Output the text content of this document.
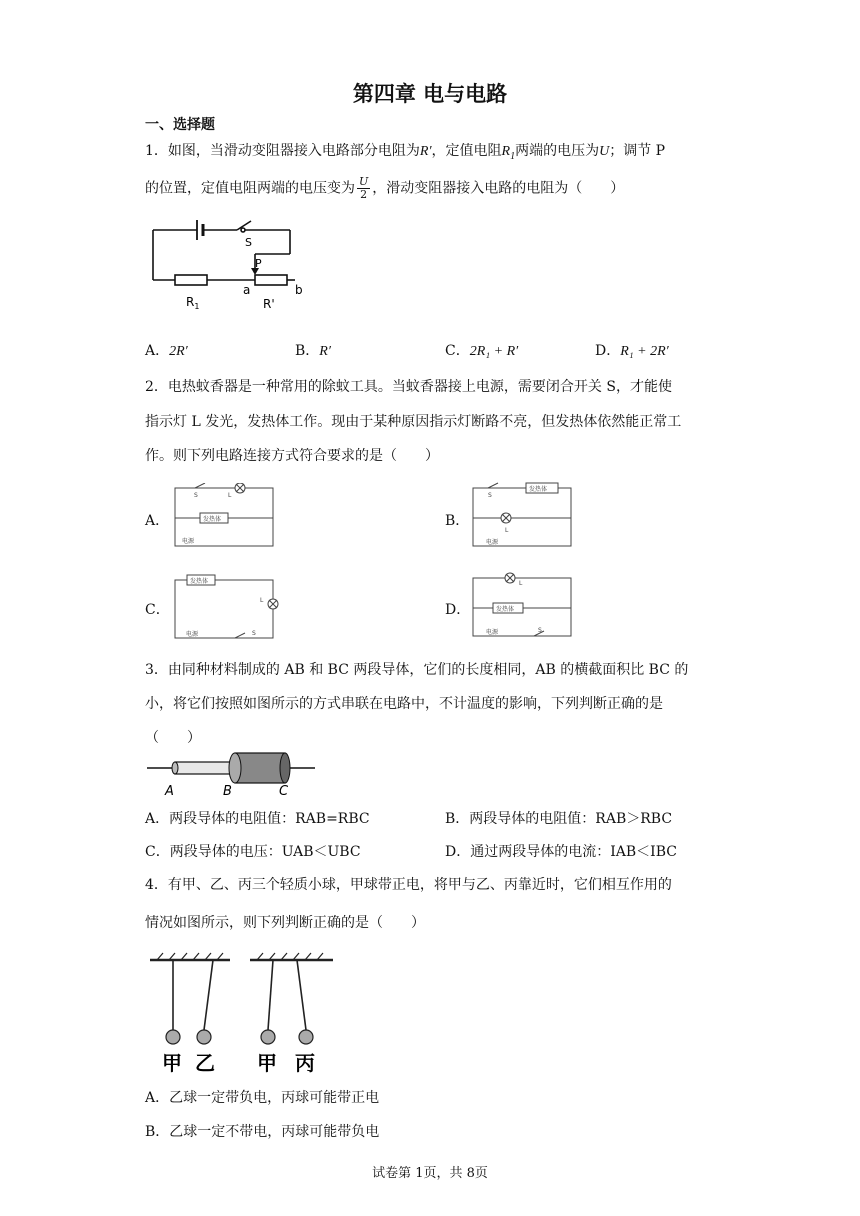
第四章 电与电路
一、选择题
1．如图，当滑动变阻器接入电路部分电阻为R′，定值电阻$R_1$两端的电压为U；调节 P
的位置，定值电阻两端的电压变为 $\frac{U}{2}$ ，滑动变阻器接入电路的电阻为（　　）
S
P
$R_1$
a
R'
b
A．2R′	B．R′	C．2R₁ + R′	D．R₁ + 2R′
2．电热蚊香器是一种常用的除蚊工具。当蚊香器接上电源，需要闭合开关 S，才能使
指示灯 L 发光，发热体工作。现由于某种原因指示灯断路不亮，但发热体依然能正常工
作。则下列电路连接方式符合要求的是（　　）
A．
S	L
发热体
电源
B．
S
发热体
L
电源
C．
发热体
L
S
电源
D．
L
发热体
电源	S
3．由同种材料制成的 AB 和 BC 两段导体，它们的长度相同，AB 的横截面积比 BC 的
小，将它们按照如图所示的方式串联在电路中，不计温度的影响，下列判断正确的是
（　　）
A	B	C
A．两段导体的电阻值：RAB=RBC	B．两段导体的电阻值：RAB＞RBC
C．两段导体的电压：UAB＜UBC	D．通过两段导体的电流：IAB＜IBC
4．有甲、乙、丙三个轻质小球，甲球带正电，将甲与乙、丙靠近时，它们相互作用的
情况如图所示，则下列判断正确的是（　　）
甲 乙 甲 丙
A．乙球一定带负电，丙球可能带正电
B．乙球一定不带电，丙球可能带负电
试卷第 1页，共 8页
